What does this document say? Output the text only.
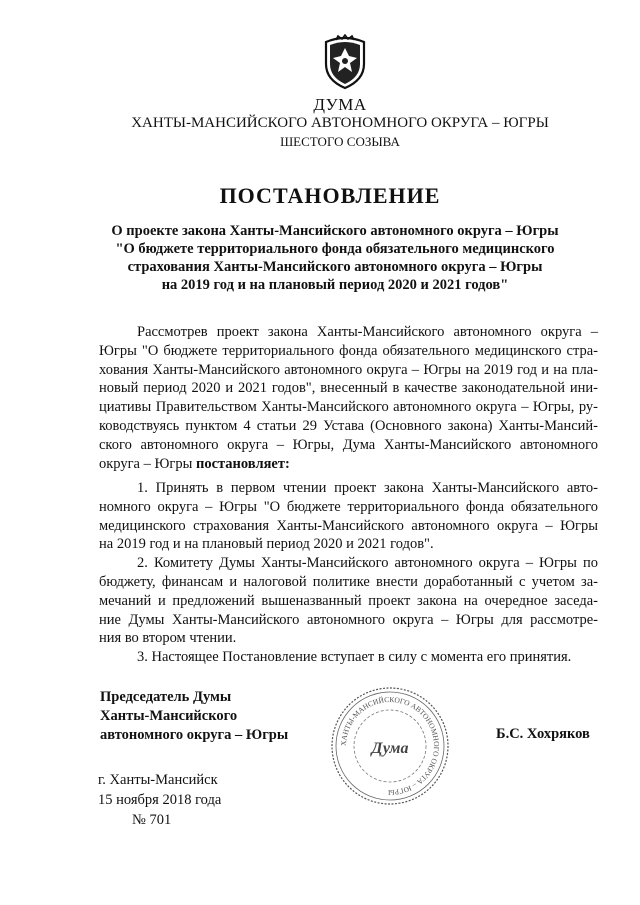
ДУМА
ХАНТЫ-МАНСИЙСКОГО АВТОНОМНОГО ОКРУГА – ЮГРЫ
ШЕСТОГО СОЗЫВА
ПОСТАНОВЛЕНИЕ
О проекте закона Ханты-Мансийского автономного округа – Югры
"О бюджете территориального фонда обязательного медицинского
страхования Ханты-Мансийского автономного округа – Югры
на 2019 год и на плановый период 2020 и 2021 годов"
Рассмотрев проект закона Ханты-Мансийского автономного округа –
Югры "О бюджете территориального фонда обязательного медицинского стра-
хования Ханты-Мансийского автономного округа – Югры на 2019 год и на пла-
новый период 2020 и 2021 годов", внесенный в качестве законодательной ини-
циативы Правительством Ханты-Мансийского автономного округа – Югры, ру-
ководствуясь пунктом 4 статьи 29 Устава (Основного закона) Ханты-Мансий-
ского автономного округа – Югры, Дума Ханты-Мансийского автономного
округа – Югры постановляет:
1. Принять в первом чтении проект закона Ханты-Мансийского авто-
номного округа – Югры "О бюджете территориального фонда обязательного
медицинского страхования Ханты-Мансийского автономного округа – Югры
на 2019 год и на плановый период 2020 и 2021 годов".
2. Комитету Думы Ханты-Мансийского автономного округа – Югры по
бюджету, финансам и налоговой политике внести доработанный с учетом за-
мечаний и предложений вышеназванный проект закона на очередное заседа-
ние Думы Ханты-Мансийского автономного округа – Югры для рассмотре-
ния во втором чтении.
3. Настоящее Постановление вступает в силу с момента его принятия.
Председатель Думы
Ханты-Мансийского
автономного округа – Югры
ХАНТЫ-МАНСИЙСКОГО АВТОНОМНОГО ОКРУГА – ЮГРЫ
Дума
Б.С. Хохряков
г. Ханты-Мансийск
15 ноября 2018 года
№ 701
